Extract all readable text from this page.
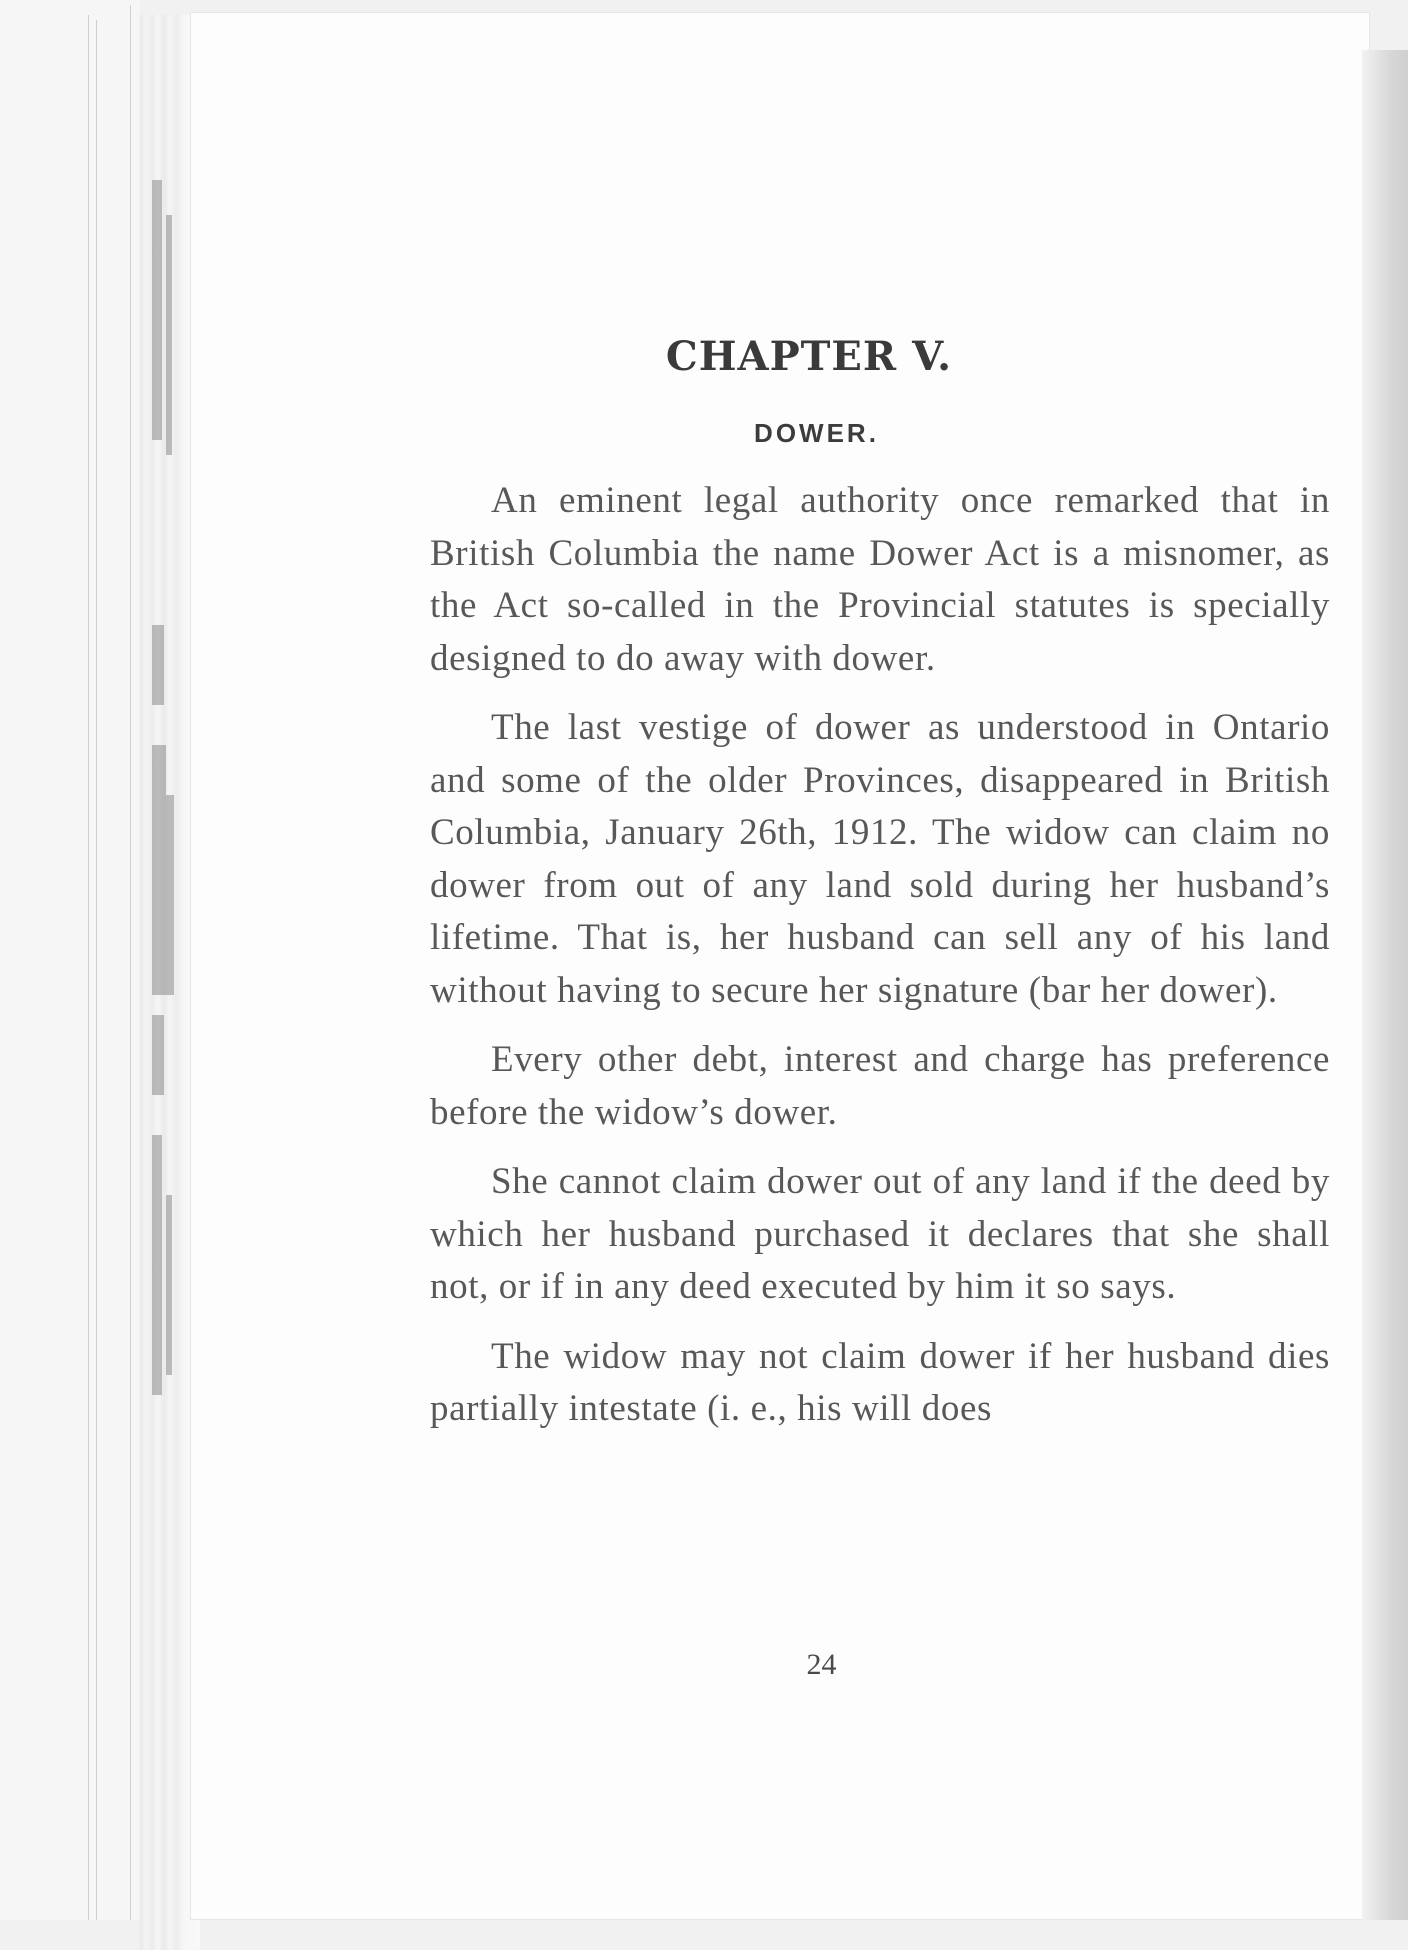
CHAPTER V.
DOWER.

An eminent legal authority once remarked that in British Columbia the name Dower Act is a misnomer, as the Act so-called in the Provincial statutes is specially designed to do away with dower.

The last vestige of dower as understood in Ontario and some of the older Provinces, disappeared in British Columbia, January 26th, 1912. The widow can claim no dower from out of any land sold during her husband’s lifetime. That is, her husband can sell any of his land without having to secure her signature (bar her dower).

Every other debt, interest and charge has preference before the widow’s dower.

She cannot claim dower out of any land if the deed by which her husband purchased it declares that she shall not, or if in any deed executed by him it so says.

The widow may not claim dower if her husband dies partially intestate (i. e., his will does

24
